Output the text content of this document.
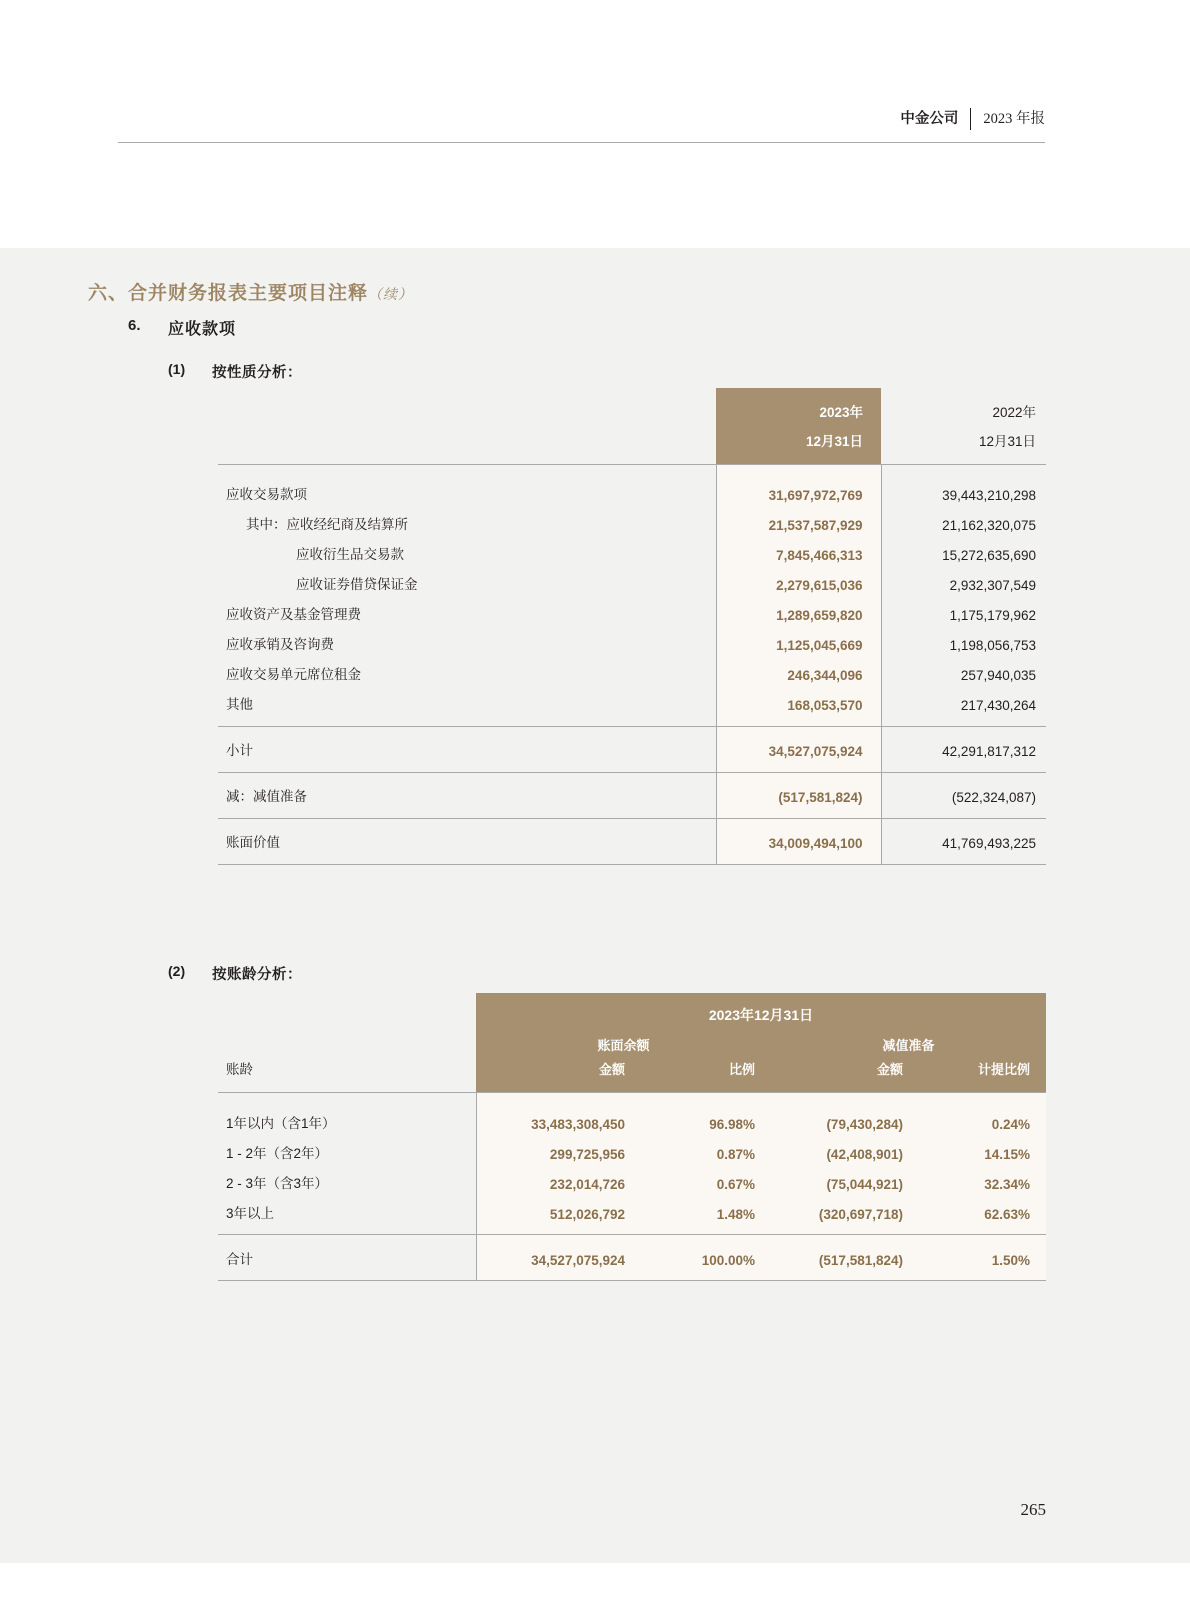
中金公司	2023 年报
六、合并财务报表主要项目注释（续）
6. 应收款项
(1) 按性质分析：
(2) 按账龄分析：
	2023年	2022年
	12月31日	12月31日

应收交易款项	31,697,972,769	39,443,210,298
其中：应收经纪商及结算所	21,537,587,929	21,162,320,075
应收衍生品交易款	7,845,466,313	15,272,635,690
应收证券借贷保证金	2,279,615,036	2,932,307,549
应收资产及基金管理费	1,289,659,820	1,175,179,962
应收承销及咨询费	1,125,045,669	1,198,056,753
应收交易单元席位租金	246,344,096	257,940,035
其他	168,053,570	217,430,264

小计	34,527,075,924	42,291,817,312

减：减值准备	(517,581,824)	(522,324,087)

账面价值	34,009,494,100	41,769,493,225

	2023年12月31日			
	账面余额		减值准备	
账龄	金额	比例	金额	计提比例

1年以内（含1年）	33,483,308,450	96.98%	(79,430,284)	0.24%
1 - 2年（含2年）	299,725,956	0.87%	(42,408,901)	14.15%
2 - 3年（含3年）	232,014,726	0.67%	(75,044,921)	32.34%
3年以上	512,026,792	1.48%	(320,697,718)	62.63%

合计	34,527,075,924	100.00%	(517,581,824)	1.50%

265
